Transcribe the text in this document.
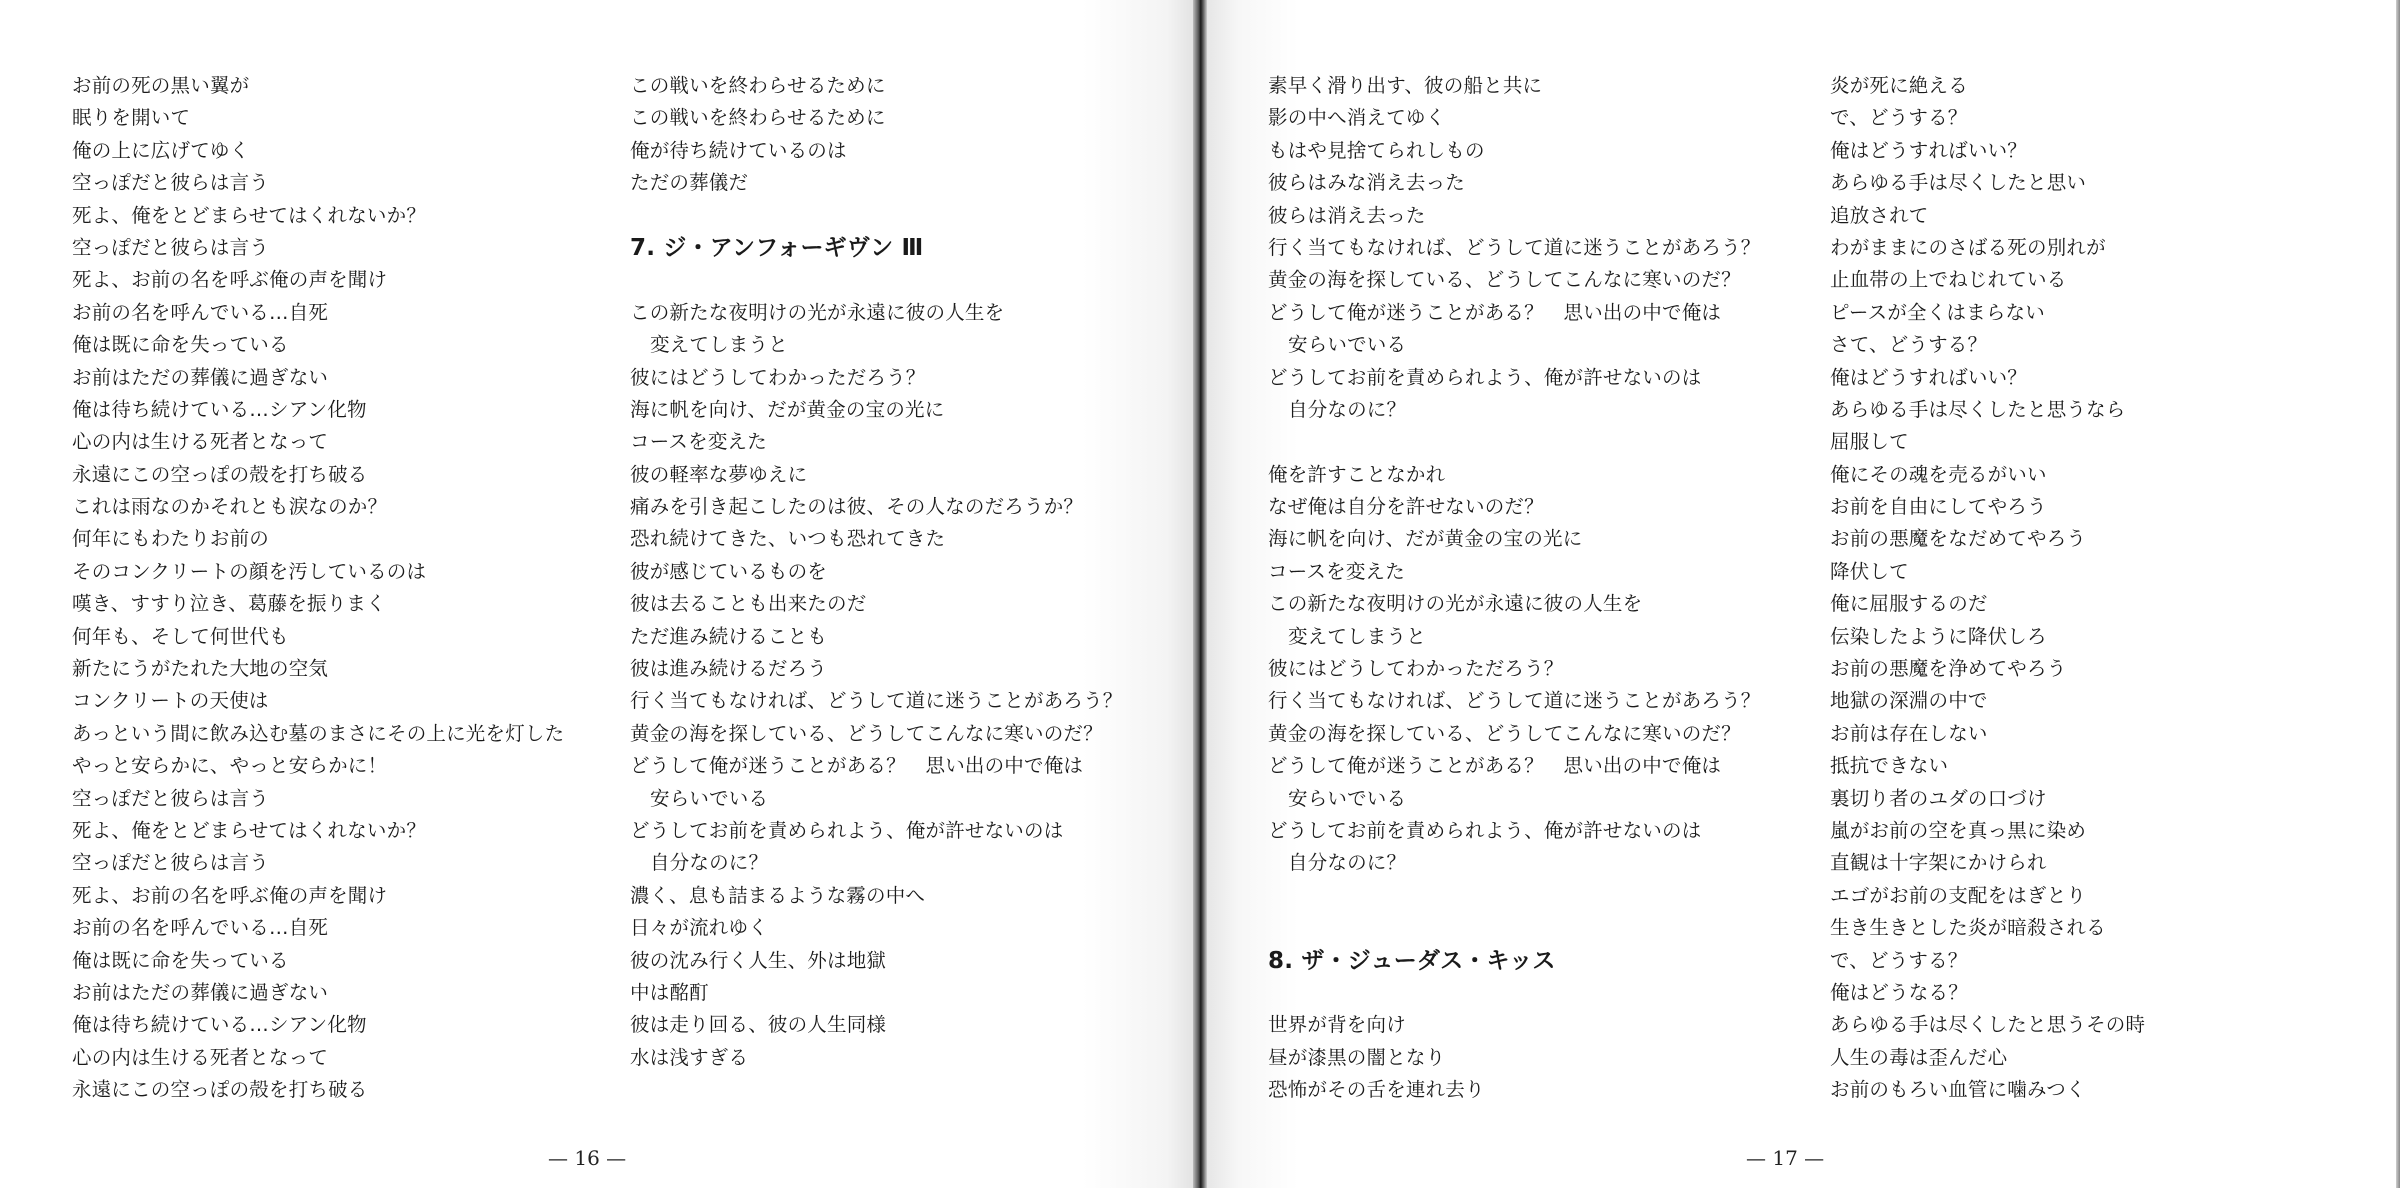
お前の死の黒い翼が
眠りを開いて
俺の上に広げてゆく
空っぽだと彼らは言う
死よ、俺をとどまらせてはくれないか？
空っぽだと彼らは言う
死よ、お前の名を呼ぶ俺の声を聞け
お前の名を呼んでいる…自死
俺は既に命を失っている
お前はただの葬儀に過ぎない
俺は待ち続けている…シアン化物
心の内は生ける死者となって
永遠にこの空っぽの殻を打ち破る
これは雨なのかそれとも涙なのか？
何年にもわたりお前の
そのコンクリートの顔を汚しているのは
嘆き、すすり泣き、葛藤を振りまく
何年も、そして何世代も
新たにうがたれた大地の空気
コンクリートの天使は
あっという間に飲み込む墓のまさにその上に光を灯した
やっと安らかに、やっと安らかに！
空っぽだと彼らは言う
死よ、俺をとどまらせてはくれないか？
空っぽだと彼らは言う
死よ、お前の名を呼ぶ俺の声を聞け
お前の名を呼んでいる…自死
俺は既に命を失っている
お前はただの葬儀に過ぎない
俺は待ち続けている…シアン化物
心の内は生ける死者となって
永遠にこの空っぽの殻を打ち破る
この戦いを終わらせるために
この戦いを終わらせるために
俺が待ち続けているのは
ただの葬儀だ
7. ジ・アンフォーギヴン Ⅲ
この新たな夜明けの光が永遠に彼の人生を
変えてしまうと
彼にはどうしてわかっただろう？
海に帆を向け、だが黄金の宝の光に
コースを変えた
彼の軽率な夢ゆえに
痛みを引き起こしたのは彼、その人なのだろうか？
恐れ続けてきた、いつも恐れてきた
彼が感じているものを
彼は去ることも出来たのだ
ただ進み続けることも
彼は進み続けるだろう
行く当てもなければ、どうして道に迷うことがあろう？
黄金の海を探している、どうしてこんなに寒いのだ？
どうして俺が迷うことがある？　思い出の中で俺は
安らいでいる
どうしてお前を責められよう、俺が許せないのは
自分なのに？
濃く、息も詰まるような霧の中へ
日々が流れゆく
彼の沈み行く人生、外は地獄
中は酩酊
彼は走り回る、彼の人生同様
水は浅すぎる
— 16 —
素早く滑り出す、彼の船と共に
影の中へ消えてゆく
もはや見捨てられしもの
彼らはみな消え去った
彼らは消え去った
行く当てもなければ、どうして道に迷うことがあろう？
黄金の海を探している、どうしてこんなに寒いのだ？
どうして俺が迷うことがある？　思い出の中で俺は
安らいでいる
どうしてお前を責められよう、俺が許せないのは
自分なのに？
俺を許すことなかれ
なぜ俺は自分を許せないのだ？
海に帆を向け、だが黄金の宝の光に
コースを変えた
この新たな夜明けの光が永遠に彼の人生を
変えてしまうと
彼にはどうしてわかっただろう？
行く当てもなければ、どうして道に迷うことがあろう？
黄金の海を探している、どうしてこんなに寒いのだ？
どうして俺が迷うことがある？　思い出の中で俺は
安らいでいる
どうしてお前を責められよう、俺が許せないのは
自分なのに？
8. ザ・ジューダス・キッス
世界が背を向け
昼が漆黒の闇となり
恐怖がその舌を連れ去り
炎が死に絶える
で、どうする？
俺はどうすればいい？
あらゆる手は尽くしたと思い
追放されて
わがままにのさばる死の別れが
止血帯の上でねじれている
ピースが全くはまらない
さて、どうする？
俺はどうすればいい？
あらゆる手は尽くしたと思うなら
屈服して
俺にその魂を売るがいい
お前を自由にしてやろう
お前の悪魔をなだめてやろう
降伏して
俺に屈服するのだ
伝染したように降伏しろ
お前の悪魔を浄めてやろう
地獄の深淵の中で
お前は存在しない
抵抗できない
裏切り者のユダの口づけ
嵐がお前の空を真っ黒に染め
直観は十字架にかけられ
エゴがお前の支配をはぎとり
生き生きとした炎が暗殺される
で、どうする？
俺はどうなる？
あらゆる手は尽くしたと思うその時
人生の毒は歪んだ心
お前のもろい血管に噛みつく
— 17 —
